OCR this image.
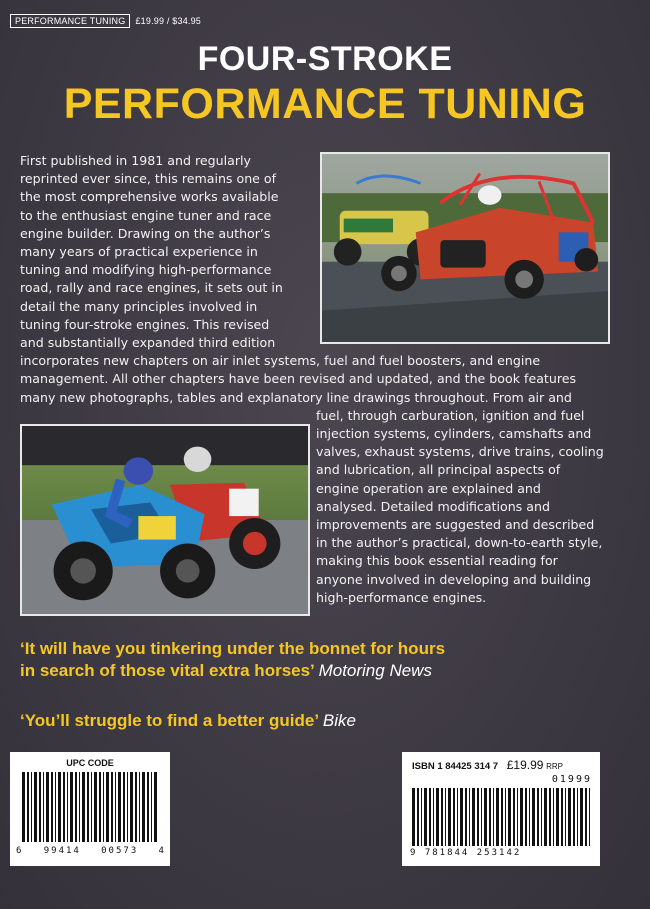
PERFORMANCE TUNING	£19.99 / $34.95
FOUR-STROKE
PERFORMANCE TUNING
First published in 1981 and regularly
reprinted ever since, this remains one of
the most comprehensive works available
to the enthusiast engine tuner and race
engine builder. Drawing on the author’s
many years of practical experience in
tuning and modifying high-performance
road, rally and race engines, it sets out in
detail the many principles involved in
tuning four-stroke engines. This revised
and substantially expanded third edition
incorporates new chapters on air inlet systems, fuel and fuel boosters, and engine
management. All other chapters have been revised and updated, and the book features
many new photographs, tables and explanatory line drawings throughout. From air and
fuel, through carburation, ignition and fuel
injection systems, cylinders, camshafts and
valves, exhaust systems, drive trains, cooling
and lubrication, all principal aspects of
engine operation are explained and
analysed. Detailed modifications and
improvements are suggested and described
in the author’s practical, down-to-earth style,
making this book essential reading for
anyone involved in developing and building
high-performance engines.
‘It will have you tinkering under the bonnet for hours
in search of those vital extra horses’ Motoring News
‘You’ll struggle to find a better guide’ Bike
UPC CODE
6 99414 00573 4
ISBN 1 84425 314 7 £19.99 RRP
01999
9 781844 253142
